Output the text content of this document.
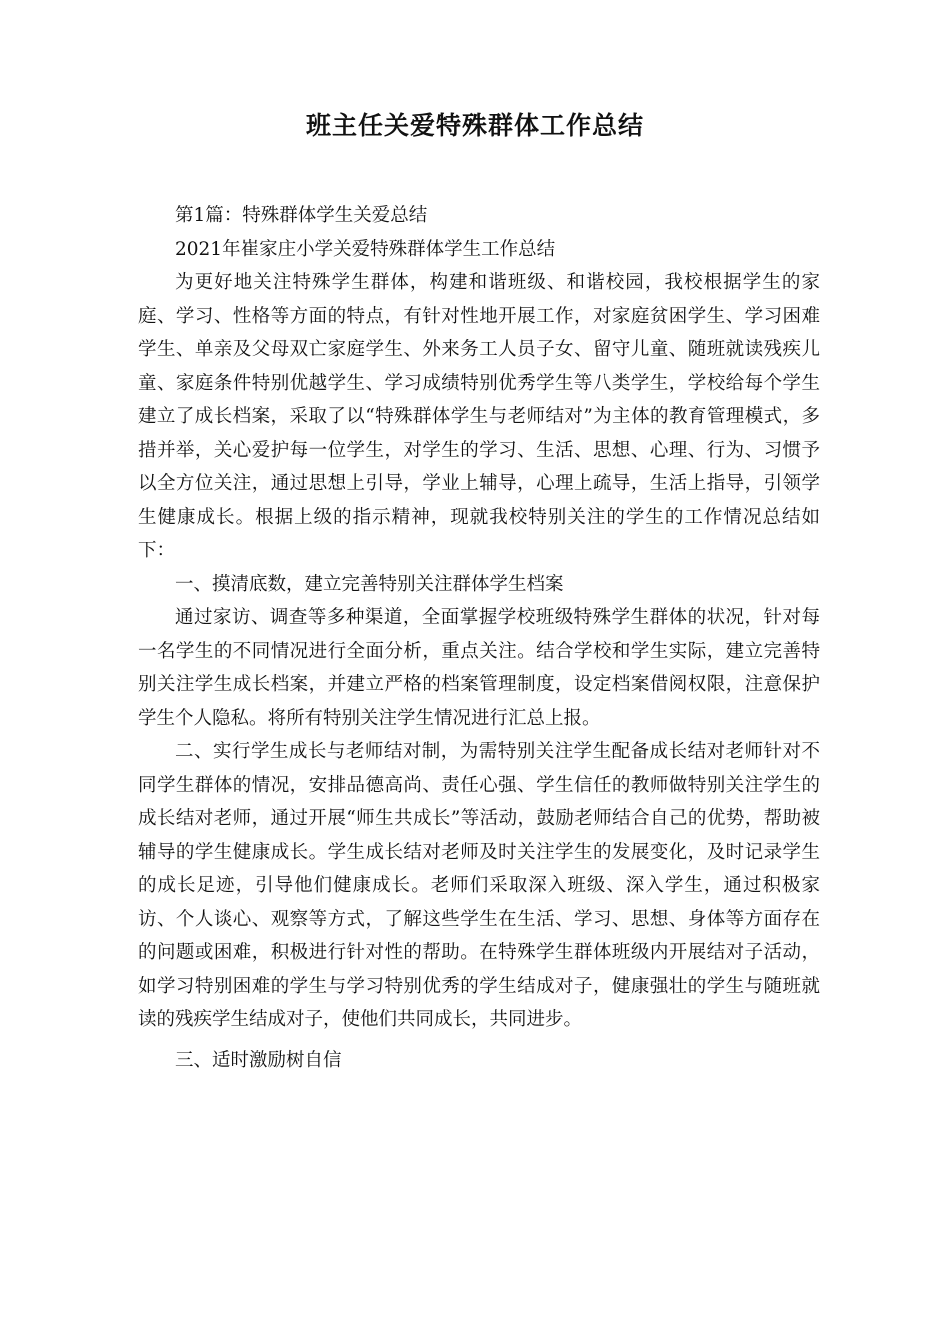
班主任关爱特殊群体工作总结

第1篇：特殊群体学生关爱总结

2021年崔家庄小学关爱特殊群体学生工作总结

为更好地关注特殊学生群体，构建和谐班级、和谐校园，我校根据学生的家庭、学习、性格等方面的特点，有针对性地开展工作，对家庭贫困学生、学习困难学生、单亲及父母双亡家庭学生、外来务工人员子女、留守儿童、随班就读残疾儿童、家庭条件特别优越学生、学习成绩特别优秀学生等八类学生，学校给每个学生建立了成长档案，采取了以“特殊群体学生与老师结对”为主体的教育管理模式，多措并举，关心爱护每一位学生，对学生的学习、生活、思想、心理、行为、习惯予以全方位关注，通过思想上引导，学业上辅导，心理上疏导，生活上指导，引领学生健康成长。根据上级的指示精神，现就我校特别关注的学生的工作情况总结如下：

一、摸清底数，建立完善特别关注群体学生档案

通过家访、调查等多种渠道，全面掌握学校班级特殊学生群体的状况，针对每一名学生的不同情况进行全面分析，重点关注。结合学校和学生实际，建立完善特别关注学生成长档案，并建立严格的档案管理制度，设定档案借阅权限，注意保护学生个人隐私。将所有特别关注学生情况进行汇总上报。

二、实行学生成长与老师结对制，为需特别关注学生配备成长结对老师针对不同学生群体的情况，安排品德高尚、责任心强、学生信任的教师做特别关注学生的成长结对老师，通过开展“师生共成长”等活动，鼓励老师结合自己的优势，帮助被辅导的学生健康成长。学生成长结对老师及时关注学生的发展变化，及时记录学生的成长足迹，引导他们健康成长。老师们采取深入班级、深入学生，通过积极家访、个人谈心、观察等方式，了解这些学生在生活、学习、思想、身体等方面存在的问题或困难，积极进行针对性的帮助。在特殊学生群体班级内开展结对子活动，如学习特别困难的学生与学习特别优秀的学生结成对子，健康强壮的学生与随班就读的残疾学生结成对子，使他们共同成长，共同进步。

三、适时激励树自信
